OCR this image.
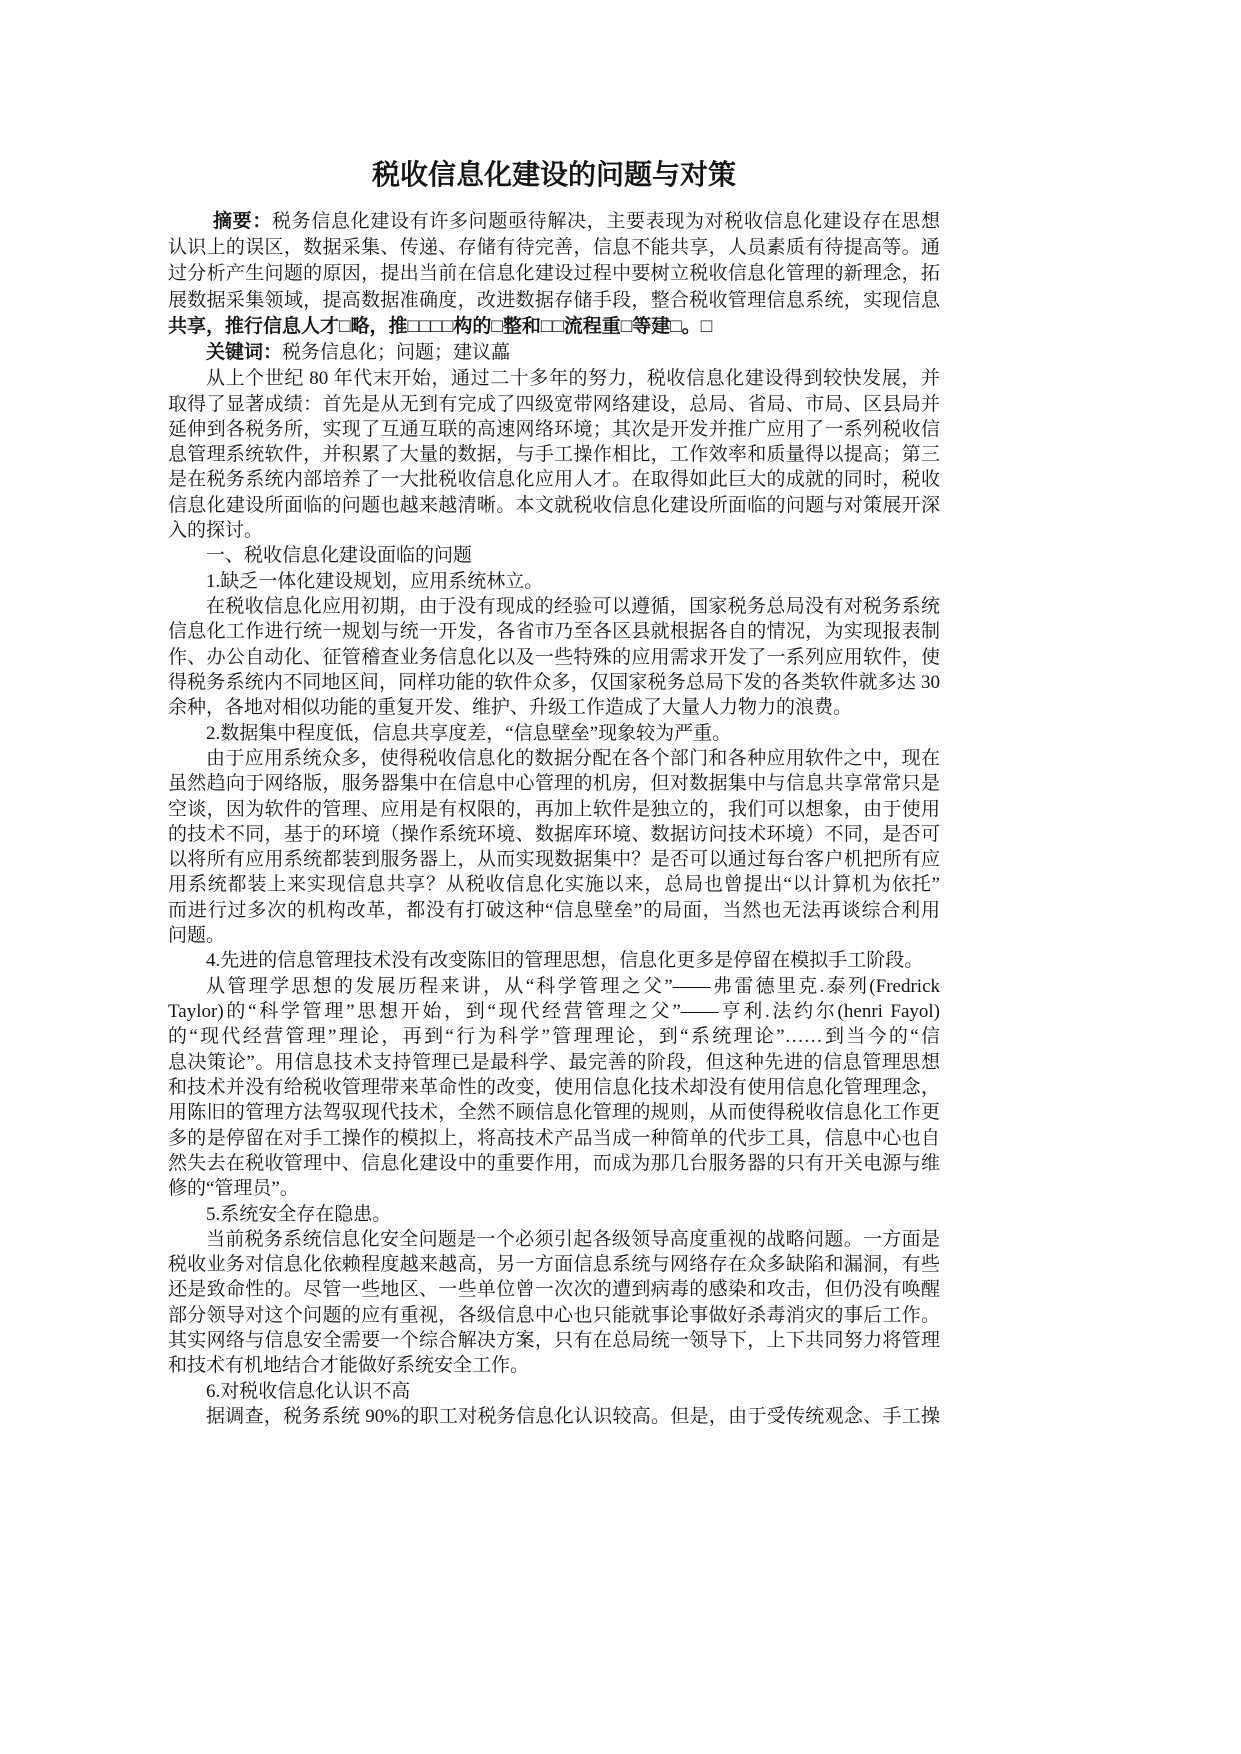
税收信息化建设的问题与对策
摘要：税务信息化建设有许多问题亟待解决，主要表现为对税收信息化建设存在思想
认识上的误区，数据采集、传递、存储有待完善，信息不能共享，人员素质有待提高等。通
过分析产生问题的原因，提出当前在信息化建设过程中要树立税收信息化管理的新理念，拓
展数据采集领域，提高数据准确度，改进数据存储手段，整合税收管理信息系统，实现信息
共享，推行信息人才□略，推□□□□构的□整和□□流程重□等建□。□
关键词：税务信息化；问题；建议藟
从上个世纪 80 年代末开始，通过二十多年的努力，税收信息化建设得到较快发展，并
取得了显著成绩：首先是从无到有完成了四级宽带网络建设，总局、省局、市局、区县局并
延伸到各税务所，实现了互通互联的高速网络环境；其次是开发并推广应用了一系列税收信
息管理系统软件，并积累了大量的数据，与手工操作相比，工作效率和质量得以提高；第三
是在税务系统内部培养了一大批税收信息化应用人才。在取得如此巨大的成就的同时，税收
信息化建设所面临的问题也越来越清晰。本文就税收信息化建设所面临的问题与对策展开深
入的探讨。
一、税收信息化建设面临的问题
1.缺乏一体化建设规划，应用系统林立。
在税收信息化应用初期，由于没有现成的经验可以遵循，国家税务总局没有对税务系统
信息化工作进行统一规划与统一开发，各省市乃至各区县就根据各自的情况，为实现报表制
作、办公自动化、征管稽查业务信息化以及一些特殊的应用需求开发了一系列应用软件，使
得税务系统内不同地区间，同样功能的软件众多，仅国家税务总局下发的各类软件就多达 30
余种，各地对相似功能的重复开发、维护、升级工作造成了大量人力物力的浪费。
2.数据集中程度低，信息共享度差，“信息壁垒”现象较为严重。
由于应用系统众多，使得税收信息化的数据分配在各个部门和各种应用软件之中，现在
虽然趋向于网络版，服务器集中在信息中心管理的机房，但对数据集中与信息共享常常只是
空谈，因为软件的管理、应用是有权限的，再加上软件是独立的，我们可以想象，由于使用
的技术不同，基于的环境（操作系统环境、数据库环境、数据访问技术环境）不同，是否可
以将所有应用系统都装到服务器上，从而实现数据集中？是否可以通过每台客户机把所有应
用系统都装上来实现信息共享？从税收信息化实施以来，总局也曾提出“以计算机为依托”
而进行过多次的机构改革，都没有打破这种“信息壁垒”的局面，当然也无法再谈综合利用
问题。
4.先进的信息管理技术没有改变陈旧的管理思想，信息化更多是停留在模拟手工阶段。
从管理学思想的发展历程来讲，从“科学管理之父”——弗雷德里克.泰列(Fredrick
Taylor)的“科学管理”思想开始，到“现代经营管理之父”——亨利.法约尔(henri Fayol)
的“现代经营管理”理论，再到“行为科学”管理理论，到“系统理论”……到当今的“信
息决策论”。用信息技术支持管理已是最科学、最完善的阶段，但这种先进的信息管理思想
和技术并没有给税收管理带来革命性的改变，使用信息化技术却没有使用信息化管理理念，
用陈旧的管理方法驾驭现代技术，全然不顾信息化管理的规则，从而使得税收信息化工作更
多的是停留在对手工操作的模拟上，将高技术产品当成一种简单的代步工具，信息中心也自
然失去在税收管理中、信息化建设中的重要作用，而成为那几台服务器的只有开关电源与维
修的“管理员”。
5.系统安全存在隐患。
当前税务系统信息化安全问题是一个必须引起各级领导高度重视的战略问题。一方面是
税收业务对信息化依赖程度越来越高，另一方面信息系统与网络存在众多缺陷和漏洞，有些
还是致命性的。尽管一些地区、一些单位曾一次次的遭到病毒的感染和攻击，但仍没有唤醒
部分领导对这个问题的应有重视，各级信息中心也只能就事论事做好杀毒消灾的事后工作。
其实网络与信息安全需要一个综合解决方案，只有在总局统一领导下，上下共同努力将管理
和技术有机地结合才能做好系统安全工作。
6.对税收信息化认识不高
据调查，税务系统 90%的职工对税务信息化认识较高。但是，由于受传统观念、手工操
